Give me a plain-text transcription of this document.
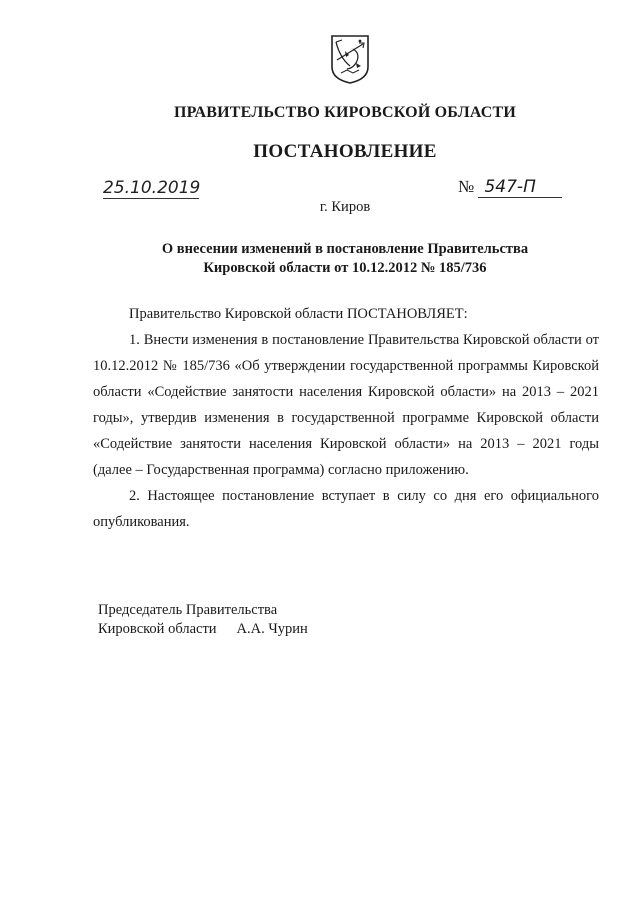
ПРАВИТЕЛЬСТВО КИРОВСКОЙ ОБЛАСТИ
ПОСТАНОВЛЕНИЕ
25.10.2019	№ 547-П
г. Киров
О внесении изменений в постановление Правительства
Кировской области от 10.12.2012 № 185/736

Правительство Кировской области ПОСТАНОВЛЯЕТ:

1. Внести изменения в постановление Правительства Кировской области от 10.12.2012 № 185/736 «Об утверждении государственной программы Кировской области «Содействие занятости населения Кировской области» на 2013 – 2021 годы», утвердив изменения в государственной программе Кировской области «Содействие занятости населения Кировской области» на 2013 – 2021 годы (далее – Государственная программа) согласно приложению.

2. Настоящее постановление вступает в силу со дня его официального опубликования.

Председатель Правительства
Кировской области А.А. Чурин
